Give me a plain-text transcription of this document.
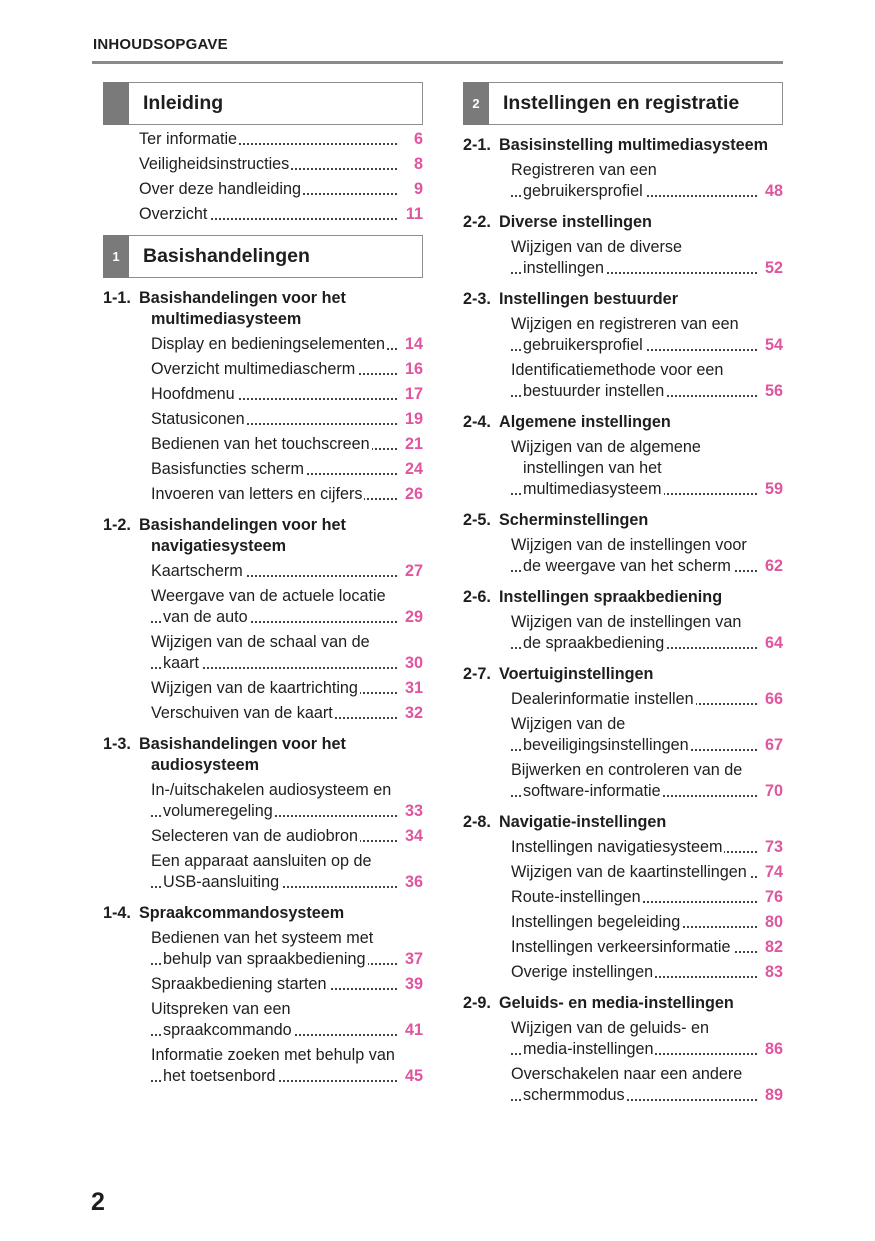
INHOUDSOPGAVE
Inleiding
Ter informatie	6
Veiligheidsinstructies	8
Over deze handleiding	9
Overzicht	11
1	Basishandelingen
1-1. Basishandelingen voor het multimediasysteem
Display en bedieningselementen	14
Overzicht multimediascherm	16
Hoofdmenu	17
Statusiconen	19
Bedienen van het touchscreen	21
Basisfuncties scherm	24
Invoeren van letters en cijfers	26
1-2. Basishandelingen voor het navigatiesysteem
Kaartscherm	27
Weergave van de actuele locatie van de auto	29
Wijzigen van de schaal van de kaart	30
Wijzigen van de kaartrichting	31
Verschuiven van de kaart	32
1-3. Basishandelingen voor het audiosysteem
In-/uitschakelen audiosysteem en volumeregeling	33
Selecteren van de audiobron	34
Een apparaat aansluiten op de USB-aansluiting	36
1-4. Spraakcommandosysteem
Bedienen van het systeem met behulp van spraakbediening	37
Spraakbediening starten	39
Uitspreken van een spraakcommando	41
Informatie zoeken met behulp van het toetsenbord	45
2	Instellingen en registratie
2-1. Basisinstelling multimediasysteem
Registreren van een gebruikersprofiel	48
2-2. Diverse instellingen
Wijzigen van de diverse instellingen	52
2-3. Instellingen bestuurder
Wijzigen en registreren van een gebruikersprofiel	54
Identificatiemethode voor een bestuurder instellen	56
2-4. Algemene instellingen
Wijzigen van de algemene instellingen van het multimediasysteem	59
2-5. Scherminstellingen
Wijzigen van de instellingen voor de weergave van het scherm	62
2-6. Instellingen spraakbediening
Wijzigen van de instellingen van de spraakbediening	64
2-7. Voertuiginstellingen
Dealerinformatie instellen	66
Wijzigen van de beveiligingsinstellingen	67
Bijwerken en controleren van de software-informatie	70
2-8. Navigatie-instellingen
Instellingen navigatiesysteem	73
Wijzigen van de kaartinstellingen	74
Route-instellingen	76
Instellingen begeleiding	80
Instellingen verkeersinformatie	82
Overige instellingen	83
2-9. Geluids- en media-instellingen
Wijzigen van de geluids- en media-instellingen	86
Overschakelen naar een andere schermmodus	89
2
